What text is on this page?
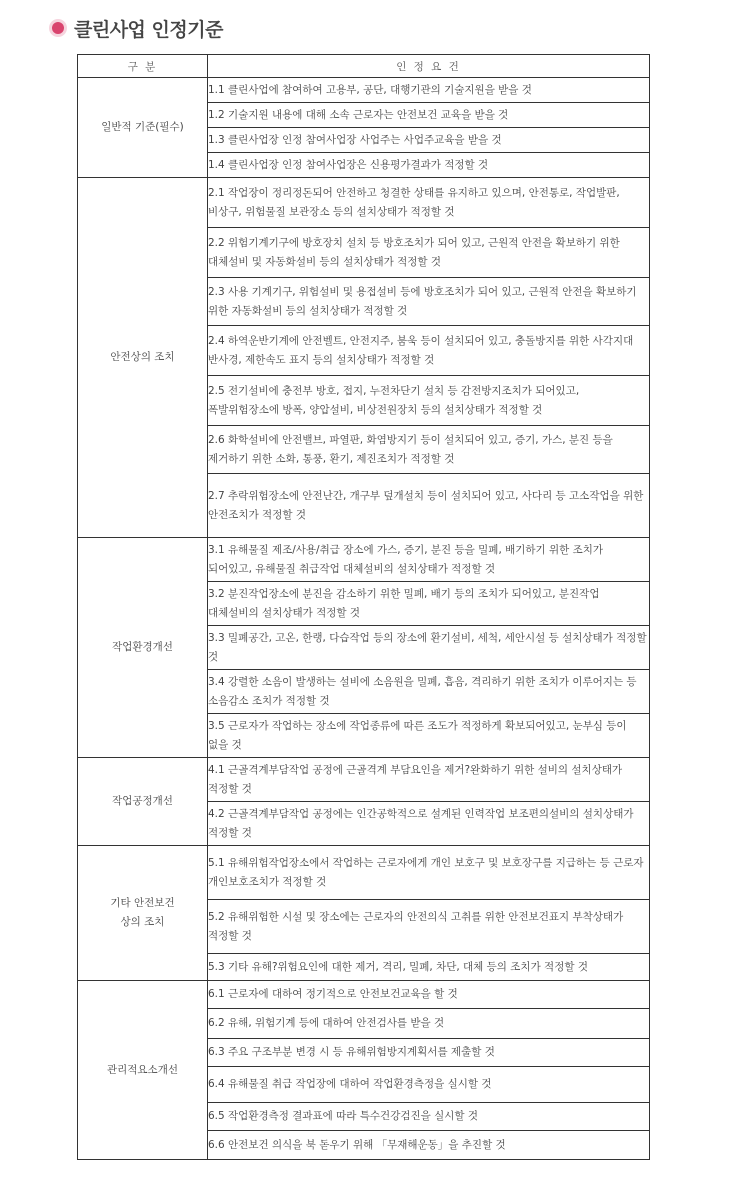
클린사업 인정기준
구 분	인 정 요 건

일반적 기준(필수)	1.1 클린사업에 참여하여 고용부, 공단, 대행기관의 기술지원을 받을 것
	1.2 기술지원 내용에 대해 소속 근로자는 안전보건 교육을 받을 것
	1.3 클린사업장 인정 참여사업장 사업주는 사업주교육을 받을 것
	1.4 클린사업장 인정 참여사업장은 신용평가결과가 적정할 것

안전상의 조치	2.1 작업장이 정리정돈되어 안전하고 청결한 상태를 유지하고 있으며, 안전통로, 작업발판, 비상구, 위험물질 보관장소 등의 설치상태가 적정할 것
	2.2 위험기계기구에 방호장치 설치 등 방호조치가 되어 있고, 근원적 안전을 확보하기 위한 대체설비 및 자동화설비 등의 설치상태가 적정할 것
	2.3 사용 기계기구, 위험설비 및 용접설비 등에 방호조치가 되어 있고, 근원적 안전을 확보하기 위한 자동화설비 등의 설치상태가 적정할 것
	2.4 하역운반기계에 안전벨트, 안전지주, 붐욱 등이 설치되어 있고, 충돌방지를 위한 사각지대 반사경, 제한속도 표지 등의 설치상태가 적정할 것
	2.5 전기설비에 충전부 방호, 접지, 누전차단기 설치 등 감전방지조치가 되어있고, 폭발위험장소에 방폭, 양압설비, 비상전원장치 등의 설치상태가 적정할 것
	2.6 화학설비에 안전밸브, 파열판, 화염방지기 등이 설치되어 있고, 증기, 가스, 분진 등을 제거하기 위한 소화, 통풍, 환기, 제진조치가 적정할 것
	2.7 추락위험장소에 안전난간, 개구부 덮개설치 등이 설치되어 있고, 사다리 등 고소작업을 위한 안전조치가 적정할 것

작업환경개선	3.1 유해물질 제조/사용/취급 장소에 가스, 증기, 분진 등을 밀폐, 배기하기 위한 조치가 되어있고, 유해물질 취급작업 대체설비의 설치상태가 적정할 것
	3.2 분진작업장소에 분진을 감소하기 위한 밀폐, 배기 등의 조치가 되어있고, 분진작업 대체설비의 설치상태가 적정할 것
	3.3 밀폐공간, 고온, 한랭, 다습작업 등의 장소에 환기설비, 세척, 세안시설 등 설치상태가 적정할 것
	3.4 강렬한 소음이 발생하는 설비에 소음원을 밀폐, 흡음, 격리하기 위한 조치가 이루어지는 등 소음감소 조치가 적정할 것
	3.5 근로자가 작업하는 장소에 작업종류에 따른 조도가 적정하게 확보되어있고, 눈부심 등이 없을 것

작업공정개선	4.1 근골격계부담작업 공정에 근골격계 부담요인을 제거?완화하기 위한 설비의 설치상태가 적정할 것
	4.2 근골격계부담작업 공정에는 인간공학적으로 설계된 인력작업 보조편의설비의 설치상태가 적정할 것

기타 안전보건
상의 조치	5.1 유해위험작업장소에서 작업하는 근로자에게 개인 보호구 및 보호장구를 지급하는 등 근로자 개인보호조치가 적정할 것
	5.2 유해위험한 시설 및 장소에는 근로자의 안전의식 고취를 위한 안전보건표지 부착상태가 적정할 것
	5.3 기타 유해?위험요인에 대한 제거, 격리, 밀폐, 차단, 대체 등의 조치가 적정할 것

관리적요소개선	6.1 근로자에 대하여 정기적으로 안전보건교육을 할 것
	6.2 유해, 위험기계 등에 대하여 안전검사를 받을 것
	6.3 주요 구조부분 변경 시 등 유해위험방지계획서를 제출할 것
	6.4 유해물질 취급 작업장에 대하여 작업환경측정을 실시할 것
	6.5 작업환경측정 결과표에 따라 특수건강검진을 실시할 것
	6.6 안전보건 의식을 북 돋우기 위해 「무재해운동」을 추진할 것
